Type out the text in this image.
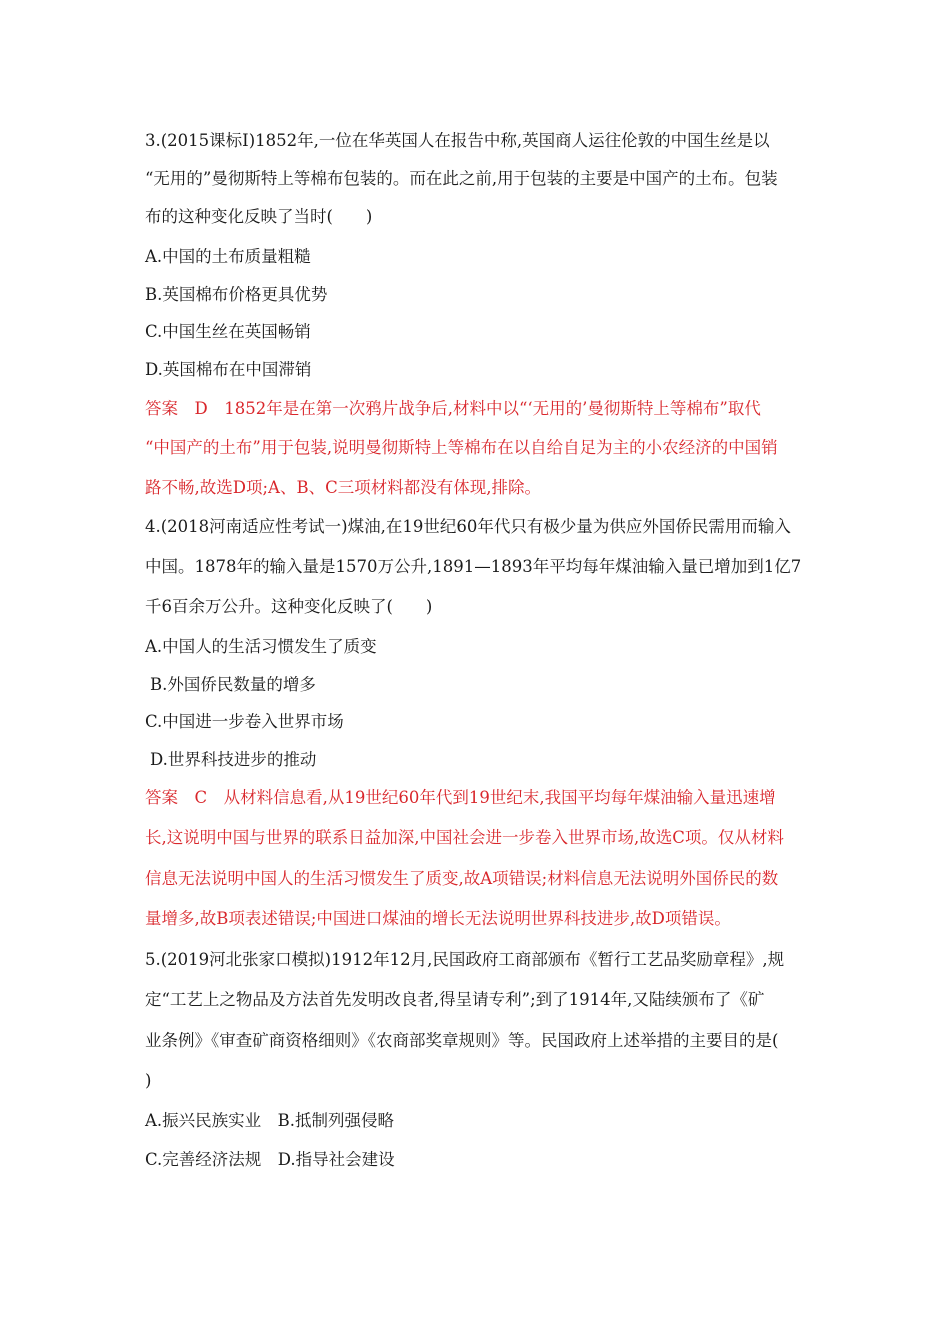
3.(2015课标Ⅰ)1852年,一位在华英国人在报告中称,英国商人运往伦敦的中国生丝是以
“无用的”曼彻斯特上等棉布包装的。而在此之前,用于包装的主要是中国产的土布。包装
布的这种变化反映了当时(　　)
A.中国的土布质量粗糙
B.英国棉布价格更具优势
C.中国生丝在英国畅销
D.英国棉布在中国滞销
答案　D　1852年是在第一次鸦片战争后,材料中以“‘无用的’曼彻斯特上等棉布”取代
“中国产的土布”用于包装,说明曼彻斯特上等棉布在以自给自足为主的小农经济的中国销
路不畅,故选D项;A、B、C三项材料都没有体现,排除。
4.(2018河南适应性考试一)煤油,在19世纪60年代只有极少量为供应外国侨民需用而输入
中国。1878年的输入量是1570万公升,1891—1893年平均每年煤油输入量已增加到1亿7
千6百余万公升。这种变化反映了(　　)
A.中国人的生活习惯发生了质变
B.外国侨民数量的增多
C.中国进一步卷入世界市场
D.世界科技进步的推动
答案　C　从材料信息看,从19世纪60年代到19世纪末,我国平均每年煤油输入量迅速增
长,这说明中国与世界的联系日益加深,中国社会进一步卷入世界市场,故选C项。仅从材料
信息无法说明中国人的生活习惯发生了质变,故A项错误;材料信息无法说明外国侨民的数
量增多,故B项表述错误;中国进口煤油的增长无法说明世界科技进步,故D项错误。
5.(2019河北张家口模拟)1912年12月,民国政府工商部颁布《暂行工艺品奖励章程》,规
定“工艺上之物品及方法首先发明改良者,得呈请专利”;到了1914年,又陆续颁布了《矿
业条例》《审查矿商资格细则》《农商部奖章规则》等。民国政府上述举措的主要目的是(
)
A.振兴民族实业　B.抵制列强侵略
C.完善经济法规　D.指导社会建设
